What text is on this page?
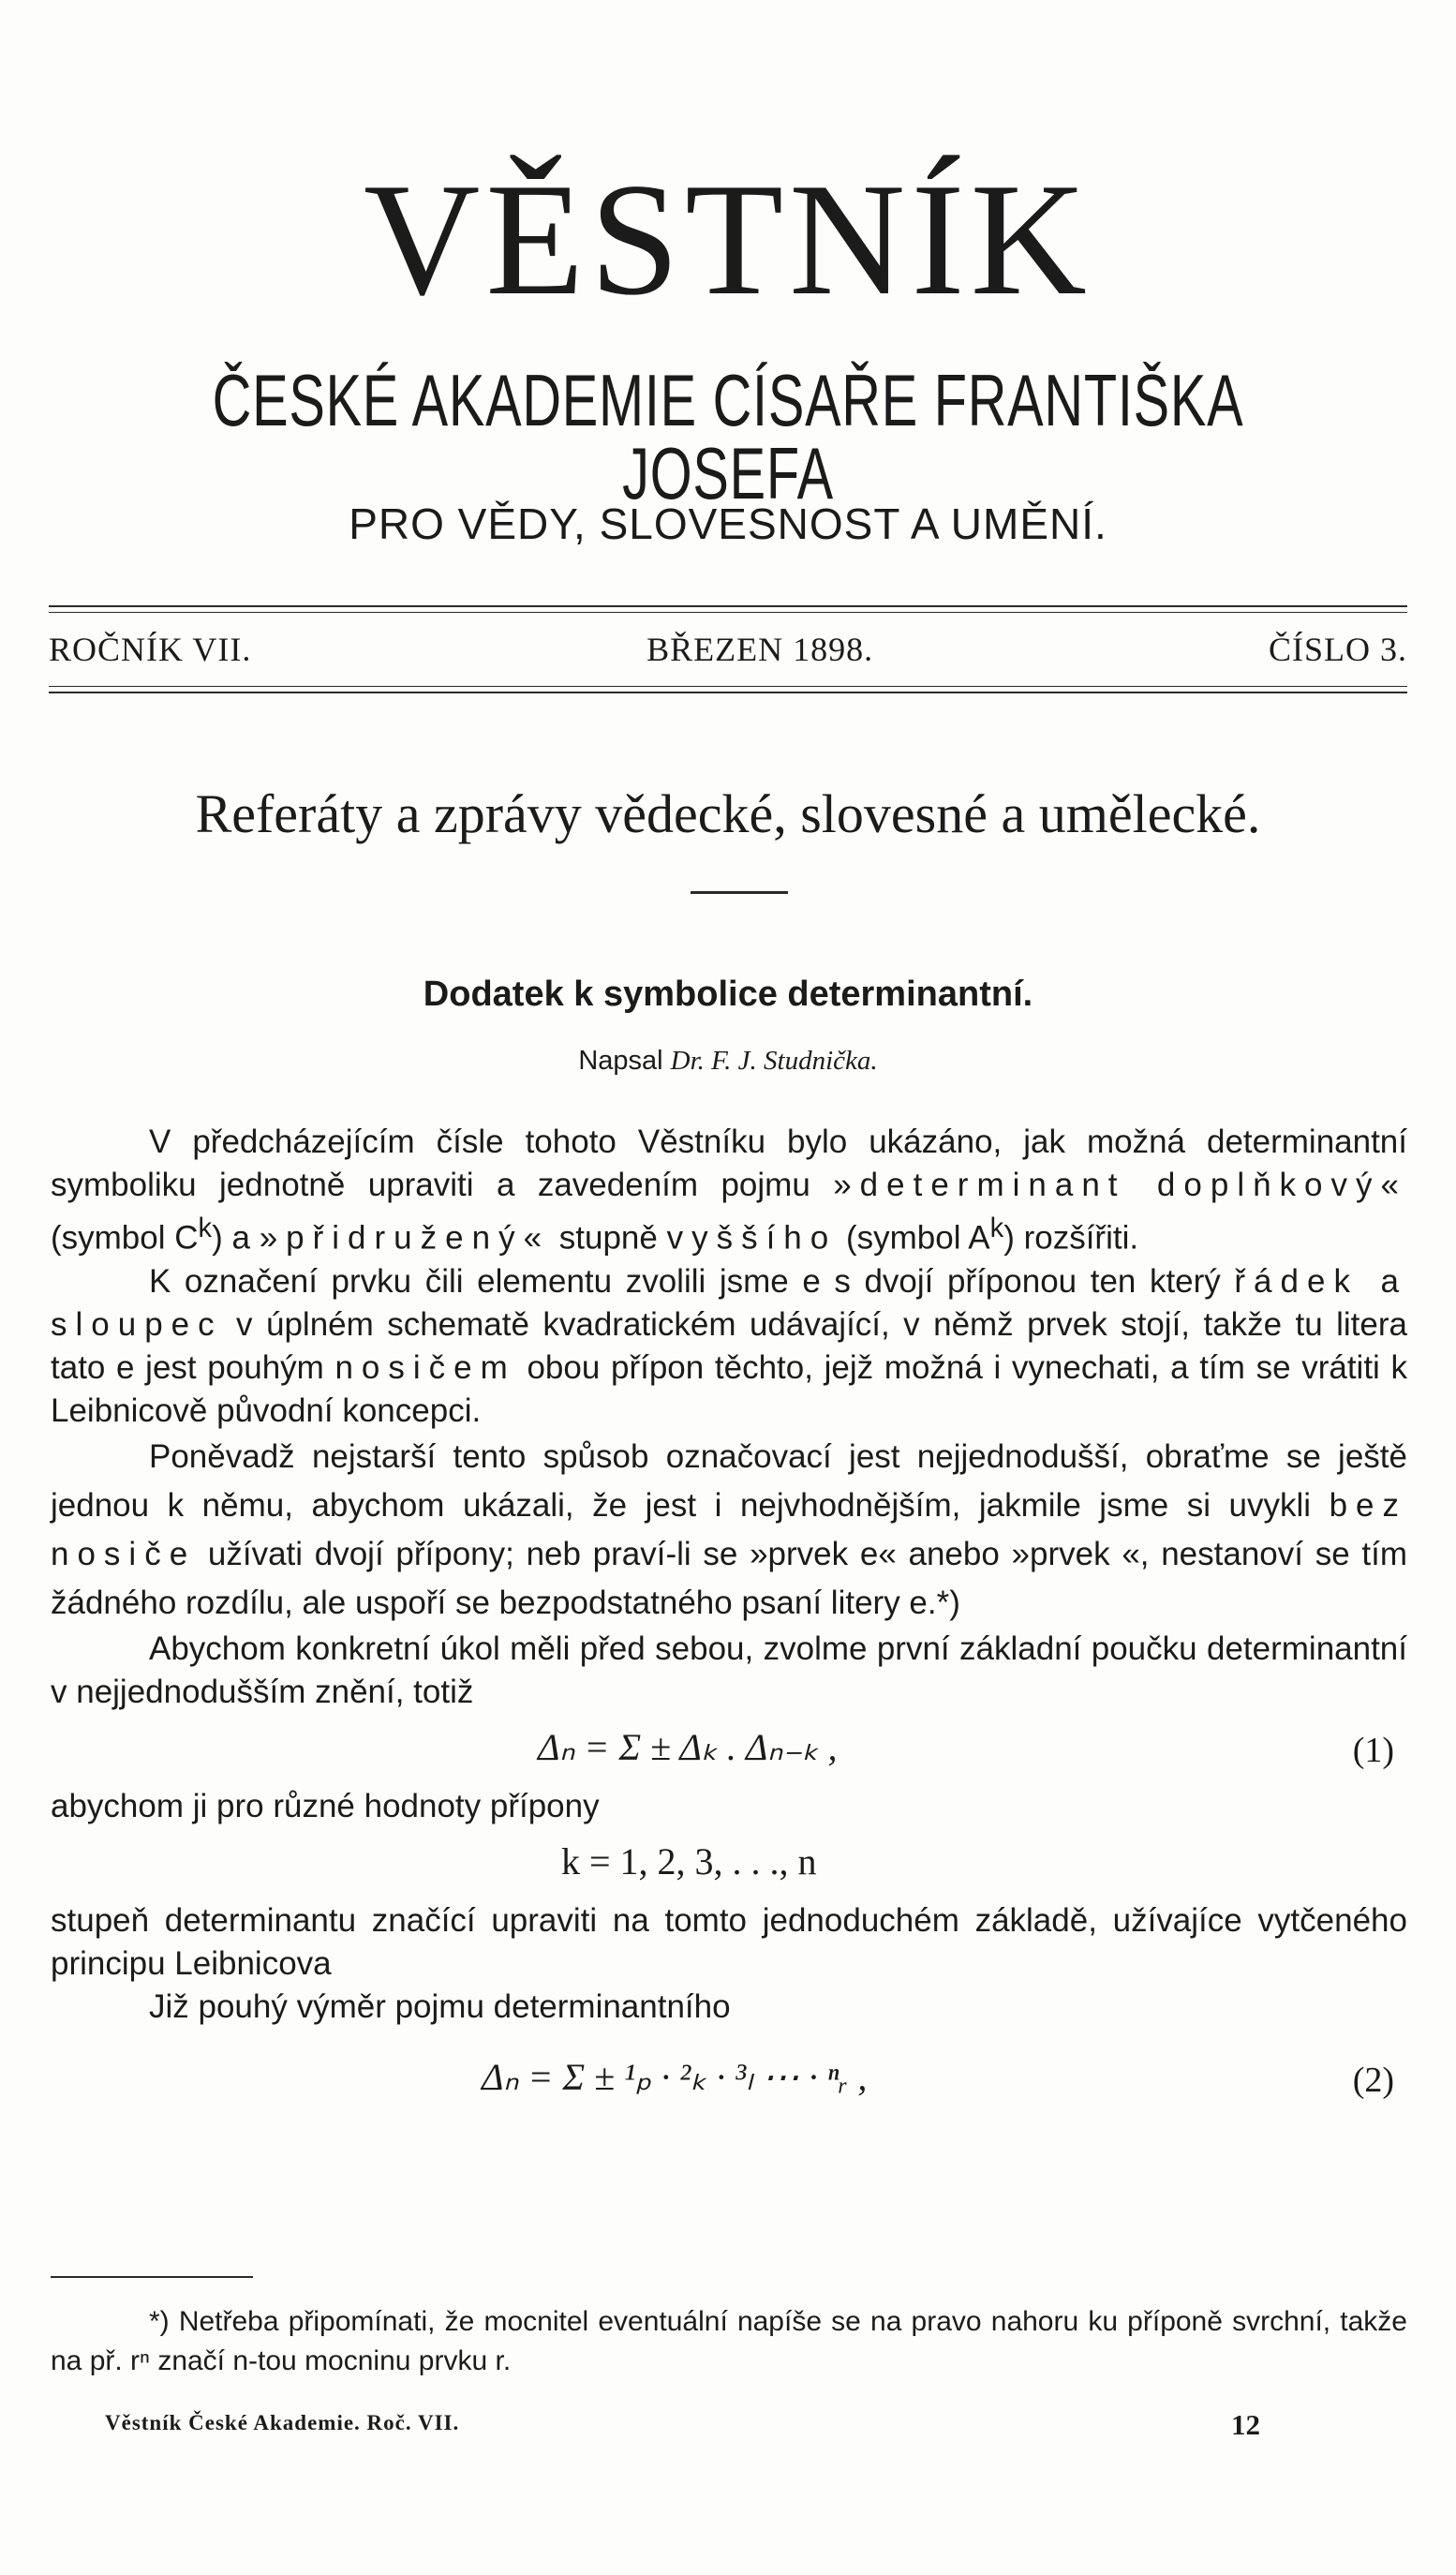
VĚSTNÍK
ČESKÉ AKADEMIE CÍSAŘE FRANTIŠKA JOSEFA
PRO VĚDY, SLOVESNOST A UMĚNÍ.
ROČNÍK VII.	BŘEZEN 1898.	ČÍSLO 3.
Referáty a zprávy vědecké, slovesné a umělecké.
Dodatek k symbolice determinantní.
Napsal Dr. F. J. Studnička.

V předcházejícím čísle tohoto Věstníku bylo ukázáno, jak možná determinantní symboliku jednotně upraviti a zavedením pojmu »determinant doplňkový« (symbol $C^k$) a »přidružený« stupně vyššího (symbol $A^k$) rozšířiti.

K označení prvku čili elementu zvolili jsme e s dvojí příponou ten který řádek a sloupec v úplném schematě kvadratickém udávající, v němž prvek stojí, takže tu litera tato e jest pouhým nosičem obou přípon těchto, jejž možná i vynechati, a tím se vrátiti k Leibnicově původní koncepci.

Poněvadž nejstarší tento spůsob označovací jest nejjednodušší, obraťme se ještě jednou k němu, abychom ukázali, že jest i nejvhodnějším, jakmile jsme si uvykli bez nosiče užívati dvojí přípony; neb praví-li se »prvek e« anebo »prvek «, nestanoví se tím žádného rozdílu, ale uspoří se bezpodstatného psaní litery e.*)

Abychom konkretní úkol měli před sebou, zvolme první základní poučku determinantní v nejjednodušším znění, totiž

Δₙ = Σ ± Δₖ . Δₙ₋ₖ ,	(1)

abychom ji pro různé hodnoty přípony

k = 1, 2, 3, . . ., n

stupeň determinantu značící upraviti na tomto jednoduchém základě, užívajíce vytčeného principu Leibnicova

Již pouhý výměr pojmu determinantního

Δₙ = Σ ± ¹ₚ · ²ₖ · ³ₗ ⋯ · ⁿᵣ ,	(2)
*) Netřeba připomínati, že mocnitel eventuální napíše se na pravo nahoru ku příponě svrchní, takže na př. rⁿ značí n-tou mocninu prvku r.
Věstník České Akademie. Roč. VII.	12
